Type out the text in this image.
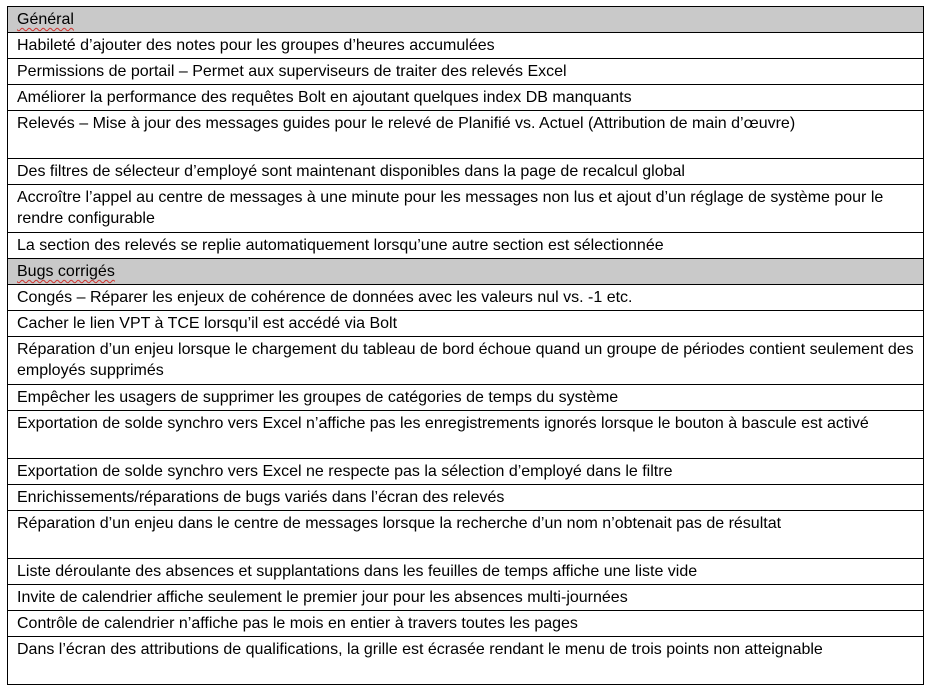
Général
Habileté d’ajouter des notes pour les groupes d’heures accumulées
Permissions de portail – Permet aux superviseurs de traiter des relevés Excel
Améliorer la performance des requêtes Bolt en ajoutant quelques index DB manquants
Relevés – Mise à jour des messages guides pour le relevé de Planifié vs. Actuel (Attribution de main d’œuvre)
Des filtres de sélecteur d’employé sont maintenant disponibles dans la page de recalcul global
Accroître l’appel au centre de messages à une minute pour les messages non lus et ajout d’un réglage de système pour le rendre configurable
La section des relevés se replie automatiquement lorsqu’une autre section est sélectionnée
Bugs corrigés
Congés – Réparer les enjeux de cohérence de données avec les valeurs nul vs. -1 etc.
Cacher le lien VPT à TCE lorsqu’il est accédé via Bolt
Réparation d’un enjeu lorsque le chargement du tableau de bord échoue quand un groupe de périodes contient seulement des employés supprimés
Empêcher les usagers de supprimer les groupes de catégories de temps du système
Exportation de solde synchro vers Excel n’affiche pas les enregistrements ignorés lorsque le bouton à bascule est activé
Exportation de solde synchro vers Excel ne respecte pas la sélection d’employé dans le filtre
Enrichissements/réparations de bugs variés dans l’écran des relevés
Réparation d’un enjeu dans le centre de messages lorsque la recherche d’un nom n’obtenait pas de résultat
Liste déroulante des absences et supplantations dans les feuilles de temps affiche une liste vide
Invite de calendrier affiche seulement le premier jour pour les absences multi-journées
Contrôle de calendrier n’affiche pas le mois en entier à travers toutes les pages
Dans l’écran des attributions de qualifications, la grille est écrasée rendant le menu de trois points non atteignable
